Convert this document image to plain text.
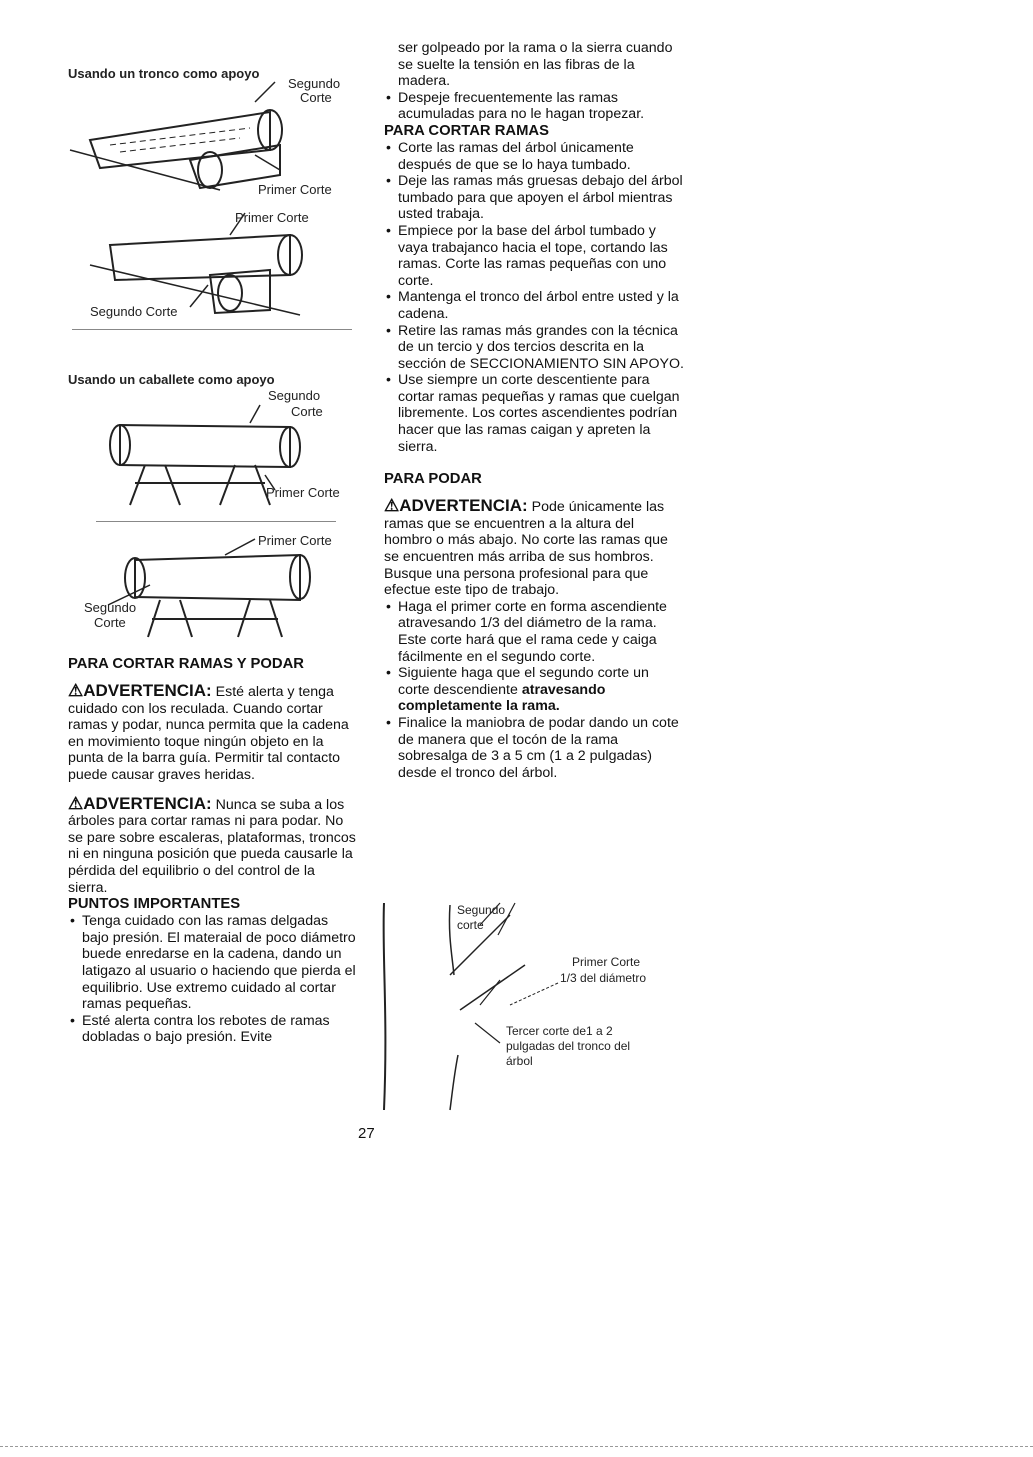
Usando un tronco como apoyo
Segundo
Corte
Primer Corte
Primer Corte
Segundo Corte
Usando un caballete como apoyo
Segundo
Corte
Primer Corte
Primer Corte
Segundo
Corte

PARA CORTAR RAMAS Y PODAR

⚠ADVERTENCIA: Esté alerta y tenga cuidado con los reculada. Cuando cortar ramas y podar, nunca permita que la cadena en movimiento toque ningún objeto en la punta de la barra guía. Permitir tal contacto puede causar graves heridas.

⚠ADVERTENCIA: Nunca se suba a los árboles para cortar ramas ni para podar. No se pare sobre escaleras, plataformas, troncos ni en ninguna posición que pueda causarle la pérdida del equilibrio o del control de la sierra.

PUNTOS IMPORTANTES

• Tenga cuidado con las ramas delgadas bajo presión. El materaial de poco diámetro buede enredarse en la cadena, dando un latigazo al usuario o haciendo que pierda el equilibrio. Use extremo cuidado al cortar ramas pequeñas.
• Esté alerta contra los rebotes de ramas dobladas o bajo presión. Evite

ser golpeado por la rama o la sierra cuando se suelte la tensión en las fibras de la madera.

• Despeje frecuentemente las ramas acumuladas para no le hagan tropezar.

PARA CORTAR RAMAS

• Corte las ramas del árbol únicamente después de que se lo haya tumbado.
• Deje las ramas más gruesas debajo del árbol tumbado para que apoyen el árbol mientras usted trabaja.
• Empiece por la base del árbol tumbado y vaya trabajanco hacia el tope, cortando las ramas. Corte las ramas pequeñas con uno corte.
• Mantenga el tronco del árbol entre usted y la cadena.
• Retire las ramas más grandes con la técnica de un tercio y dos tercios descrita en la sección de SECCIONAMIENTO SIN APOYO.
• Use siempre un corte descentiente para cortar ramas pequeñas y ramas que cuelgan libremente. Los cortes ascendientes podrían hacer que las ramas caigan y apreten la sierra.

PARA PODAR

⚠ADVERTENCIA: Pode únicamente las ramas que se encuentren a la altura del hombro o más abajo. No corte las ramas que se encuentren más arriba de sus hombros. Busque una persona profesional para que efectue este tipo de trabajo.

• Haga el primer corte en forma ascendiente atravesando 1/3 del diámetro de la rama. Este corte hará que el rama cede y caiga fácilmente en el segundo corte.
• Siguiente haga que el segundo corte un corte descendiente atravesando completamente la rama.
• Finalice la maniobra de podar dando un cote de manera que el tocón de la rama sobresalga de 3 a 5 cm (1 a 2 pulgadas) desde el tronco del árbol.
Segundo
corte
Primer Corte
1/3 del diámetro
Tercer corte de1 a 2
pulgadas del tronco del
árbol
27
